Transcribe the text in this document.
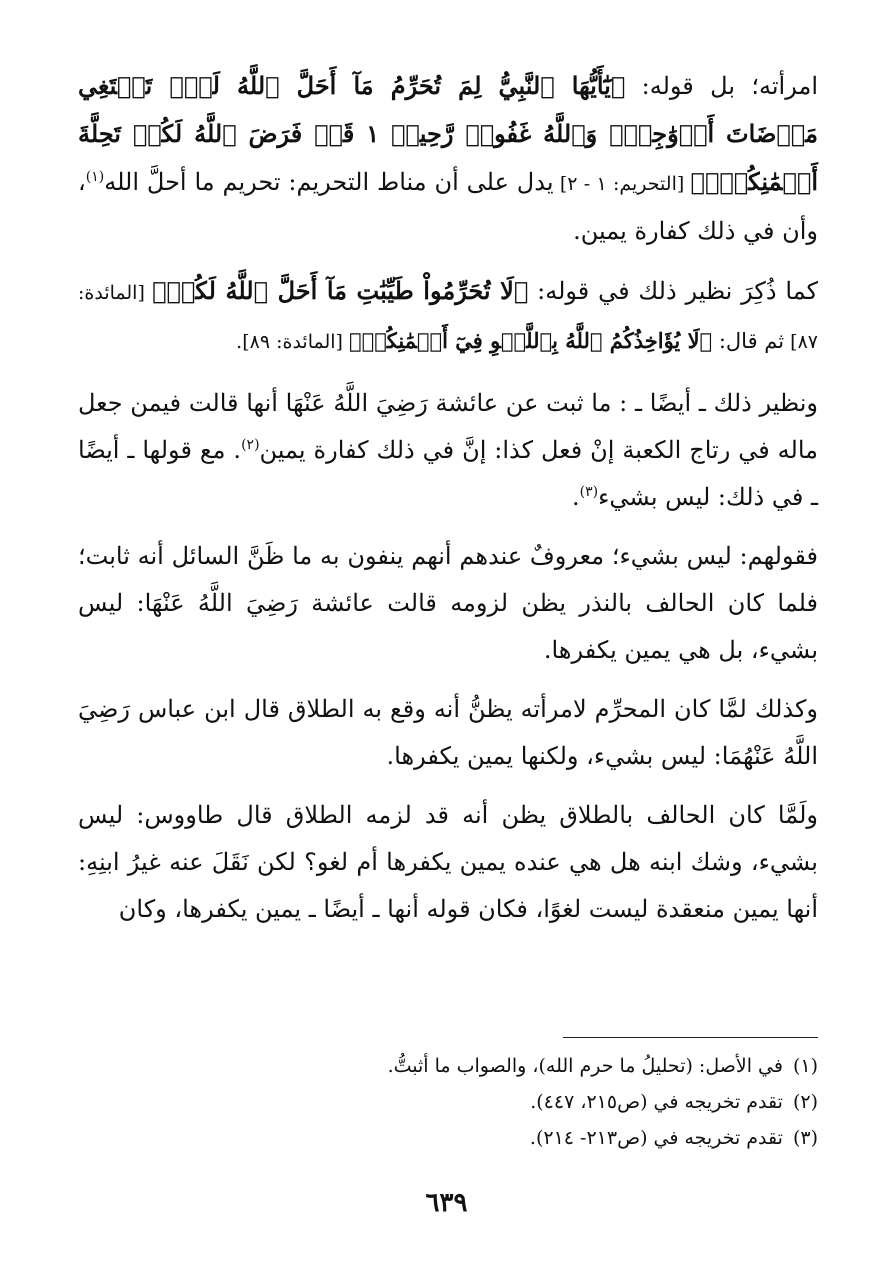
امرأته؛ بل قوله: ﴿يَٰٓأَيُّهَا ٱلنَّبِيُّ لِمَ تُحَرِّمُ مَآ أَحَلَّ ٱللَّهُ لَكَۖ تَبۡتَغِي مَرۡضَاتَ أَزۡوَٰجِكَۚ وَٱللَّهُ غَفُورٞ رَّحِيمٞ ١ قَدۡ فَرَضَ ٱللَّهُ لَكُمۡ تَحِلَّةَ أَيۡمَٰنِكُمۡۚ﴾ [التحريم: ١ - ٢] يدل على أن مناط التحريم: تحريم ما أحلَّ الله$^{(١)}$، وأن في ذلك كفارة يمين.

كما ذُكِرَ نظير ذلك في قوله: ﴿لَا تُحَرِّمُواْ طَيِّبَٰتِ مَآ أَحَلَّ ٱللَّهُ لَكُمۡ﴾ [المائدة: ٨٧] ثم قال: ﴿لَا يُؤَاخِذُكُمُ ٱللَّهُ بِٱللَّغۡوِ فِيٓ أَيۡمَٰنِكُمۡ﴾ [المائدة: ٨٩].

ونظير ذلك ـ أيضًا ـ : ما ثبت عن عائشة رَضِيَ اللَّهُ عَنْهَا أنها قالت فيمن جعل ماله في رتاج الكعبة إنْ فعل كذا: إنَّ في ذلك كفارة يمين$^{(٢)}$. مع قولها ـ أيضًا ـ في ذلك: ليس بشيء$^{(٣)}$.

فقولهم: ليس بشيء؛ معروفٌ عندهم أنهم ينفون به ما ظَنَّ السائل أنه ثابت؛ فلما كان الحالف بالنذر يظن لزومه قالت عائشة رَضِيَ اللَّهُ عَنْهَا: ليس بشيء، بل هي يمين يكفرها.

وكذلك لمَّا كان المحرِّم لامرأته يظنُّ أنه وقع به الطلاق قال ابن عباس رَضِيَ اللَّهُ عَنْهُمَا: ليس بشيء، ولكنها يمين يكفرها.

ولَمَّا كان الحالف بالطلاق يظن أنه قد لزمه الطلاق قال طاووس: ليس بشيء، وشك ابنه هل هي عنده يمين يكفرها أم لغو؟ لكن نَقَلَ عنه غيرُ ابنِهِ: أنها يمين منعقدة ليست لغوًا، فكان قوله أنها ـ أيضًا ـ يمين يكفرها، وكان

(١)في الأصل: (تحليلُ ما حرم الله)، والصواب ما أثبتُّ.

(٢)تقدم تخريجه في (ص٢١٥، ٤٤٧).

(٣)تقدم تخريجه في (ص٢١٣- ٢١٤).

٦٣٩
